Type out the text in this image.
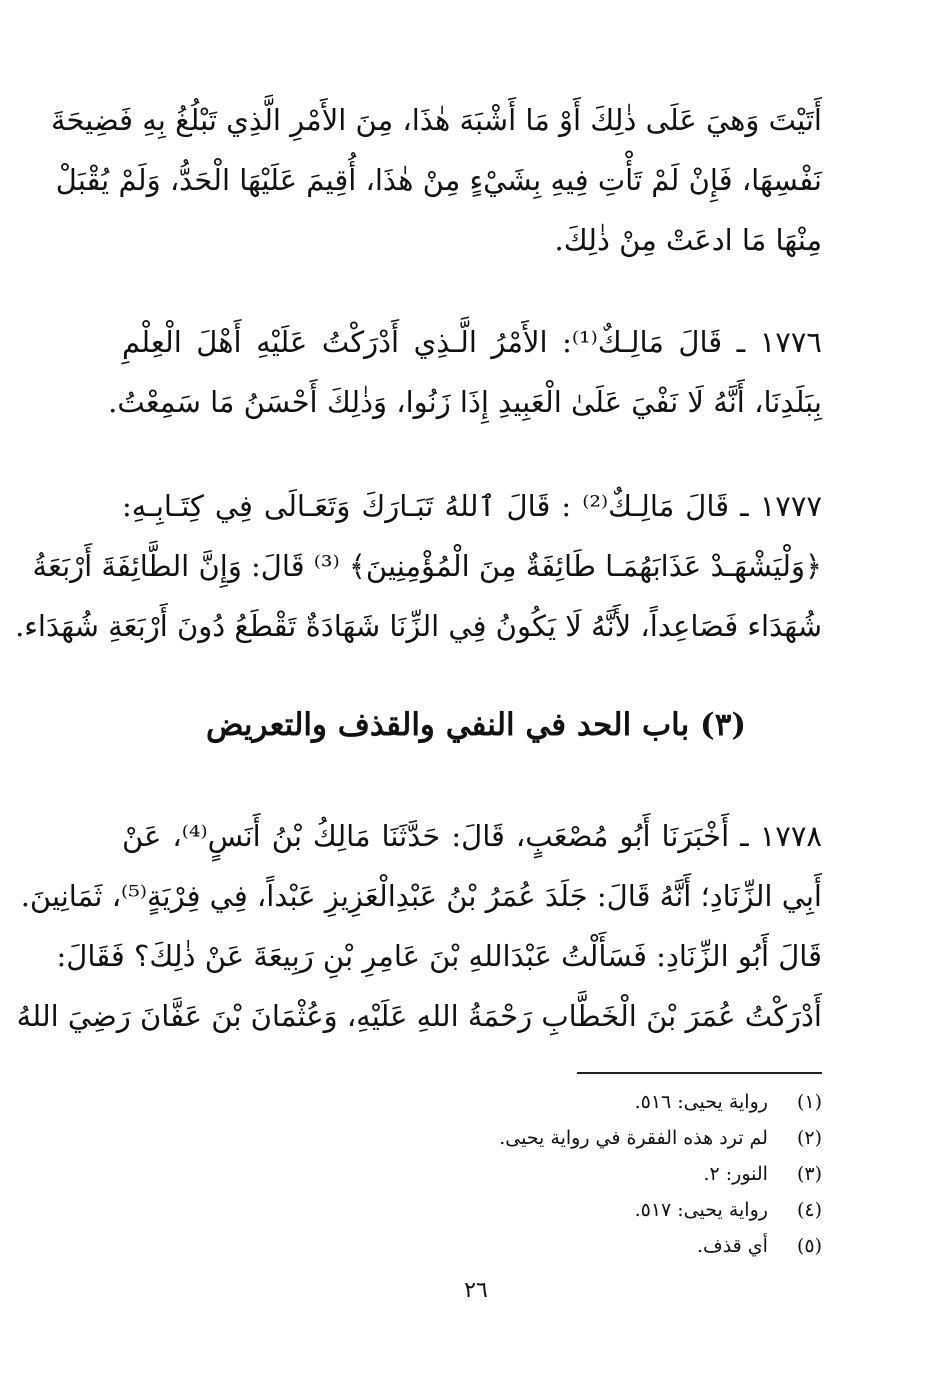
أَتَيْتَ وَهيَ عَلَى ذٰلِكَ أَوْ مَا أَشْبَهَ هٰذَا، مِنَ الأَمْرِ الَّذِي تَبْلُغُ بِهِ فَضِيحَةَ
نَفْسِهَا، فَإِنْ لَمْ تَأْتِ فِيهِ بِشَيْءٍ مِنْ هٰذَا، أُقِيمَ عَلَيْهَا الْحَدُّ، وَلَمْ يُقْبَلْ
مِنْهَا مَا ادعَتْ مِنْ ذٰلِكَ.
١٧٧٦ ـ قَالَ مَالِـكٌ⁽¹⁾: الأَمْرُ الَّـذِي أَدْرَكْتُ عَلَيْهِ أَهْلَ الْعِلْمِ
بِبَلَدِنَا، أَنَّهُ لَا نَفْيَ عَلَىٰ الْعَبِيدِ إِذَا زَنُوا، وَذٰلِكَ أَحْسَنُ مَا سَمِعْتُ.
١٧٧٧ ـ قَالَ مَالِـكٌ⁽²⁾ : قَالَ ٱللهُ تَبَـارَكَ وَتَعَـالَى فِي كِتَـابِـهِ:
﴿وَلْيَشْهَـدْ عَذَابَهُمَـا طَائِفَةٌ مِنَ الْمُؤْمِنِينَ﴾ ⁽³⁾ قَالَ: وَإِنَّ الطَّائِفَةَ أَرْبَعَةُ
شُهَدَاء فَصَاعِداً، لأَنَّهُ لَا يَكُونُ فِي الزِّنَا شَهَادَةٌ تَقْطَعُ دُونَ أَرْبَعَةِ شُهَدَاء.
(٣) باب الحد في النفي والقذف والتعريض
١٧٧٨ ـ أَخْبَرَنَا أَبُو مُصْعَبٍ، قَالَ: حَدَّثَنَا مَالِكُ بْنُ أَنَسٍ⁽⁴⁾، عَنْ
أَبِي الزِّنَادِ؛ أَنَّهُ قَالَ: جَلَدَ عُمَرُ بْنُ عَبْدِالْعَزِيزِ عَبْداً، فِي فِرْيَةٍ⁽⁵⁾، ثَمَانِينَ.
قَالَ أَبُو الزِّنَادِ: فَسَأَلْتُ عَبْدَاللهِ بْنَ عَامِرِ بْنِ رَبِيعَةَ عَنْ ذٰلِكَ؟ فَقَالَ:
أَدْرَكْتُ عُمَرَ بْنَ الْخَطَّابِ رَحْمَةُ اللهِ عَلَيْهِ، وَعُثْمَانَ بْنَ عَفَّانَ رَضِيَ اللهُ
(١) رواية يحيى: ٥١٦.
(٢) لم ترد هذه الفقرة في رواية يحيى.
(٣) النور: ٢.
(٤) رواية يحيى: ٥١٧.
(٥) أي قذف.
٢٦
